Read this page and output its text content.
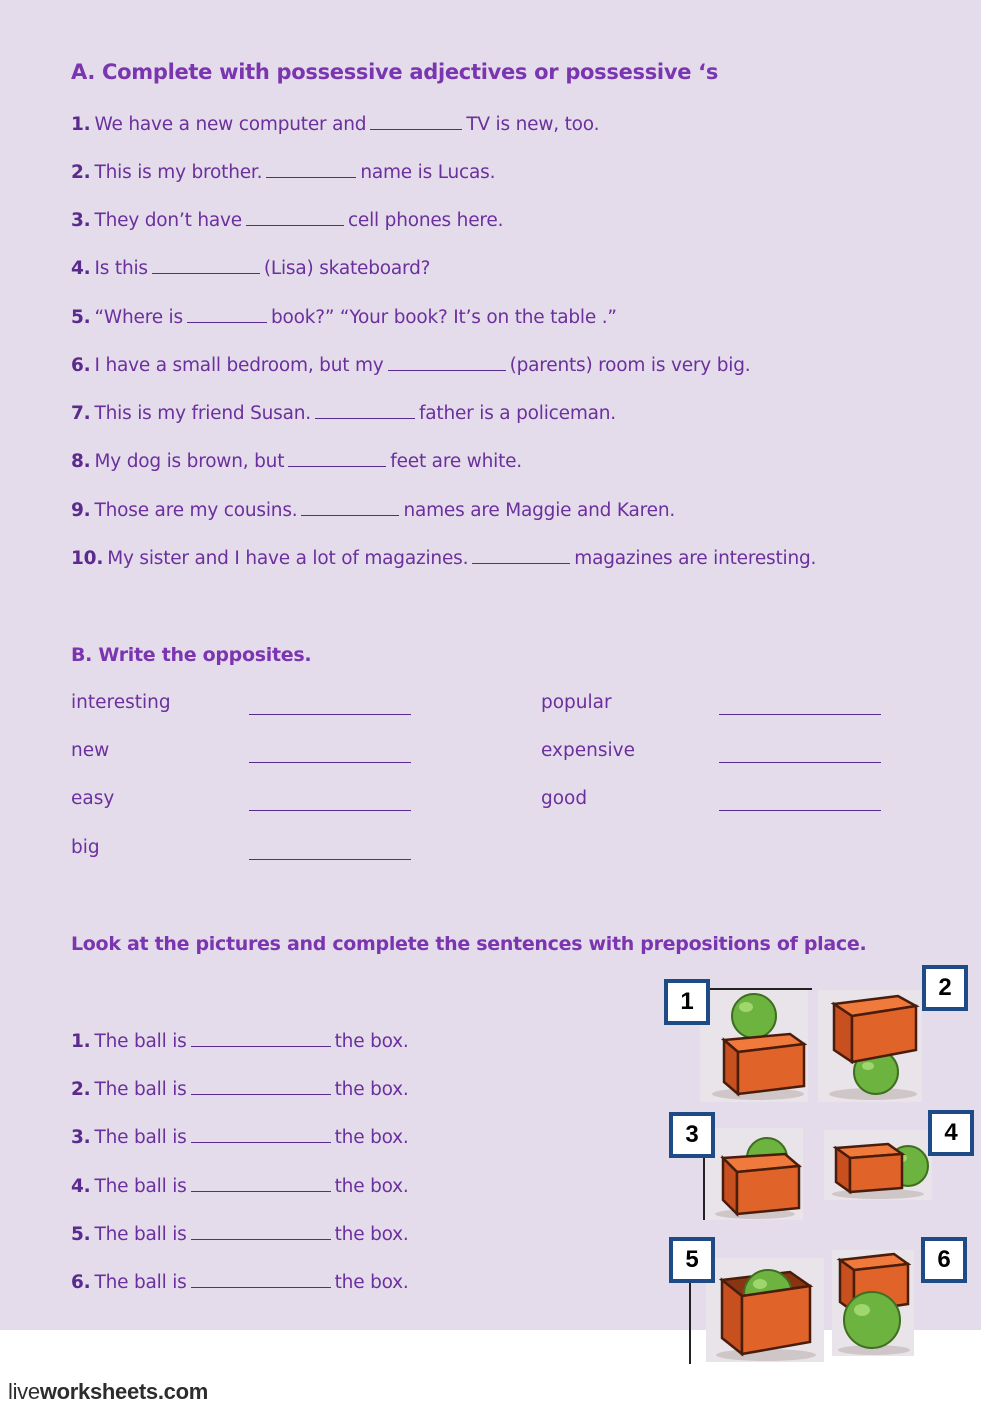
A. Complete with possessive adjectives or possessive ‘s
1. We have a new computer and	TV is new, too.
2. This is my brother.	name is Lucas.
3. They don’t have	cell phones here.
4. Is this	(Lisa) skateboard?
5. “Where is	book?” “Your book? It’s on the table .”
6. I have a small bedroom, but my	(parents) room is very big.
7. This is my friend Susan.	father is a policeman.
8. My dog is brown, but	feet are white.
9. Those are my cousins.	names are Maggie and Karen.
10. My sister and I have a lot of magazines.	magazines are interesting.
B. Write the opposites.
interesting	popular
new	expensive
easy	good
big
Look at the pictures and complete the sentences with prepositions of place.
1. The ball is	the box.
2. The ball is	the box.
3. The ball is	the box.
4. The ball is	the box.
5. The ball is	the box.
6. The ball is	the box.
1
2
3	4
5	6
liveworksheets.com
